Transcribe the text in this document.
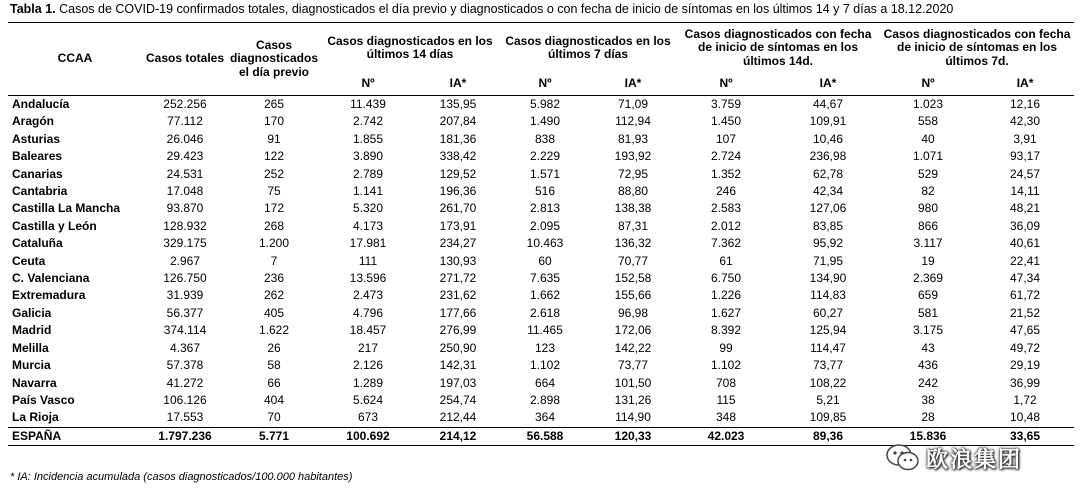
Tabla 1. Casos de COVID-19 confirmados totales, diagnosticados el día previo y diagnosticados o con fecha de inicio de síntomas en los últimos 14 y 7 días a 18.12.2020
CCAA	Casos totales	Casos diagnosticados el día previo	Casos diagnosticados en los últimos 14 días		Casos diagnosticados en los últimos 7 días		Casos diagnosticados con fecha de inicio de síntomas en los últimos 14d.		Casos diagnosticados con fecha de inicio de síntomas en los últimos 7d.	
			Nº	IA*	Nº	IA*	Nº	IA*	Nº	IA*
Andalucía	252.256	265	11.439	135,95	5.982	71,09	3.759	44,67	1.023	12,16
Aragón	77.112	170	2.742	207,84	1.490	112,94	1.450	109,91	558	42,30
Asturias	26.046	91	1.855	181,36	838	81,93	107	10,46	40	3,91
Baleares	29.423	122	3.890	338,42	2.229	193,92	2.724	236,98	1.071	93,17
Canarias	24.531	252	2.789	129,52	1.571	72,95	1.352	62,78	529	24,57
Cantabria	17.048	75	1.141	196,36	516	88,80	246	42,34	82	14,11
Castilla La Mancha	93.870	172	5.320	261,70	2.813	138,38	2.583	127,06	980	48,21
Castilla y León	128.932	268	4.173	173,91	2.095	87,31	2.012	83,85	866	36,09
Cataluña	329.175	1.200	17.981	234,27	10.463	136,32	7.362	95,92	3.117	40,61
Ceuta	2.967	7	111	130,93	60	70,77	61	71,95	19	22,41
C. Valenciana	126.750	236	13.596	271,72	7.635	152,58	6.750	134,90	2.369	47,34
Extremadura	31.939	262	2.473	231,62	1.662	155,66	1.226	114,83	659	61,72
Galicia	56.377	405	4.796	177,66	2.618	96,98	1.627	60,27	581	21,52
Madrid	374.114	1.622	18.457	276,99	11.465	172,06	8.392	125,94	3.175	47,65
Melilla	4.367	26	217	250,90	123	142,22	99	114,47	43	49,72
Murcia	57.378	58	2.126	142,31	1.102	73,77	1.102	73,77	436	29,19
Navarra	41.272	66	1.289	197,03	664	101,50	708	108,22	242	36,99
País Vasco	106.126	404	5.624	254,74	2.898	131,26	115	5,21	38	1,72
La Rioja	17.553	70	673	212,44	364	114,90	348	109,85	28	10,48
ESPAÑA	1.797.236	5.771	100.692	214,12	56.588	120,33	42.023	89,36	15.836	33,65
* IA: Incidencia acumulada (casos diagnosticados/100.000 habitantes)
欧浪集团
